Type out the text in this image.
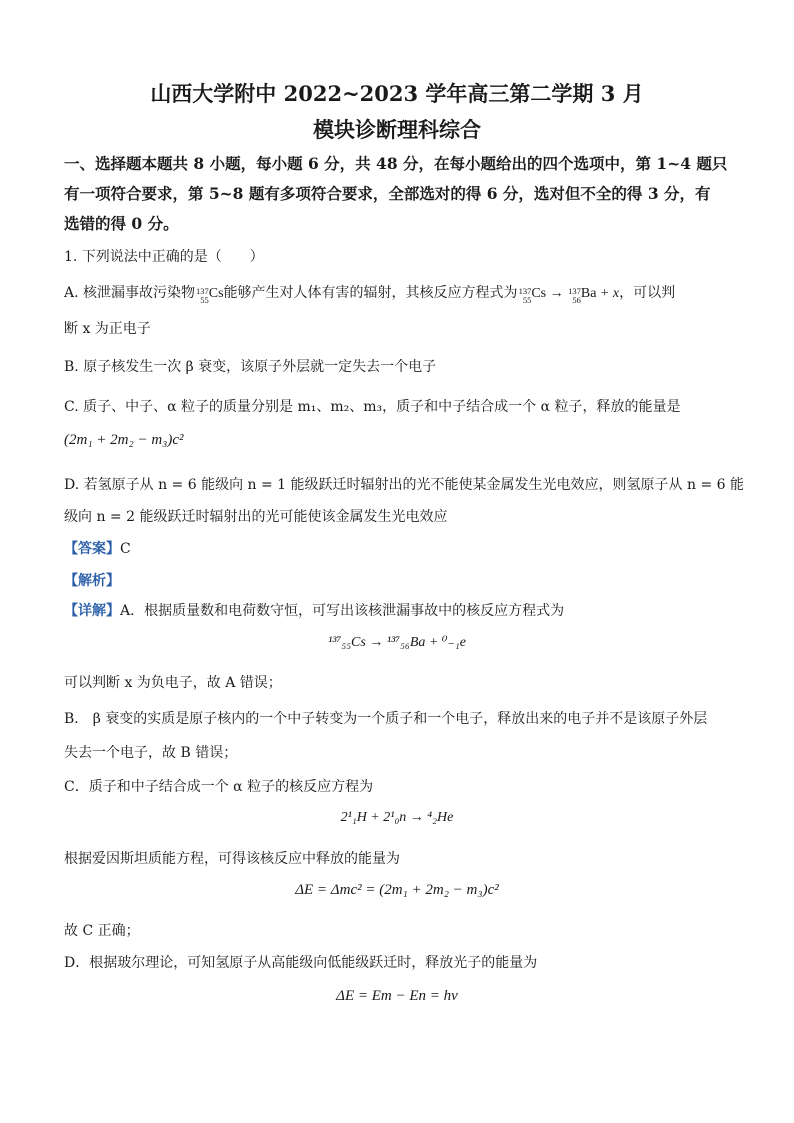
山西大学附中 2022~2023 学年高三第二学期 3 月
模块诊断理科综合
一、选择题本题共 8 小题，每小题 6 分，共 48 分，在每小题给出的四个选项中，第 1~4 题只
有一项符合要求，第 5~8 题有多项符合要求，全部选对的得 6 分，选对但不全的得 3 分，有
选错的得 0 分。
1. 下列说法中正确的是（　　）
A. 核泄漏事故污染物 137
55 Cs能够产生对人体有害的辐射，其核反应方程式为 137
55 Cs → 137
56 Ba + x，可以判
断 x 为正电子
B. 原子核发生一次 β 衰变，该原子外层就一定失去一个电子
C. 质子、中子、α 粒子的质量分别是 m₁、m₂、m₃，质子和中子结合成一个 α 粒子，释放的能量是
(2m₁ + 2m₂ − m₃)c²
D. 若氢原子从 n = 6 能级向 n = 1 能级跃迁时辐射出的光不能使某金属发生光电效应，则氢原子从 n = 6 能
级向 n = 2 能级跃迁时辐射出的光可能使该金属发生光电效应
【答案】C
【解析】
【详解】A．根据质量数和电荷数守恒，可写出该核泄漏事故中的核反应方程式为
¹³⁷₅₅Cs → ¹³⁷₅₆Ba + ⁰₋₁e
可以判断 x 为负电子，故 A 错误；
B． β 衰变的实质是原子核内的一个中子转变为一个质子和一个电子，释放出来的电子并不是该原子外层
失去一个电子，故 B 错误；
C．质子和中子结合成一个 α 粒子的核反应方程为
2¹₁H + 2¹₀n → ⁴₂He
根据爱因斯坦质能方程，可得该核反应中释放的能量为
ΔE = Δmc² = (2m₁ + 2m₂ − m₃)c²
故 C 正确；
D．根据玻尔理论，可知氢原子从高能级向低能级跃迁时，释放光子的能量为
ΔE = Em − En = hν
